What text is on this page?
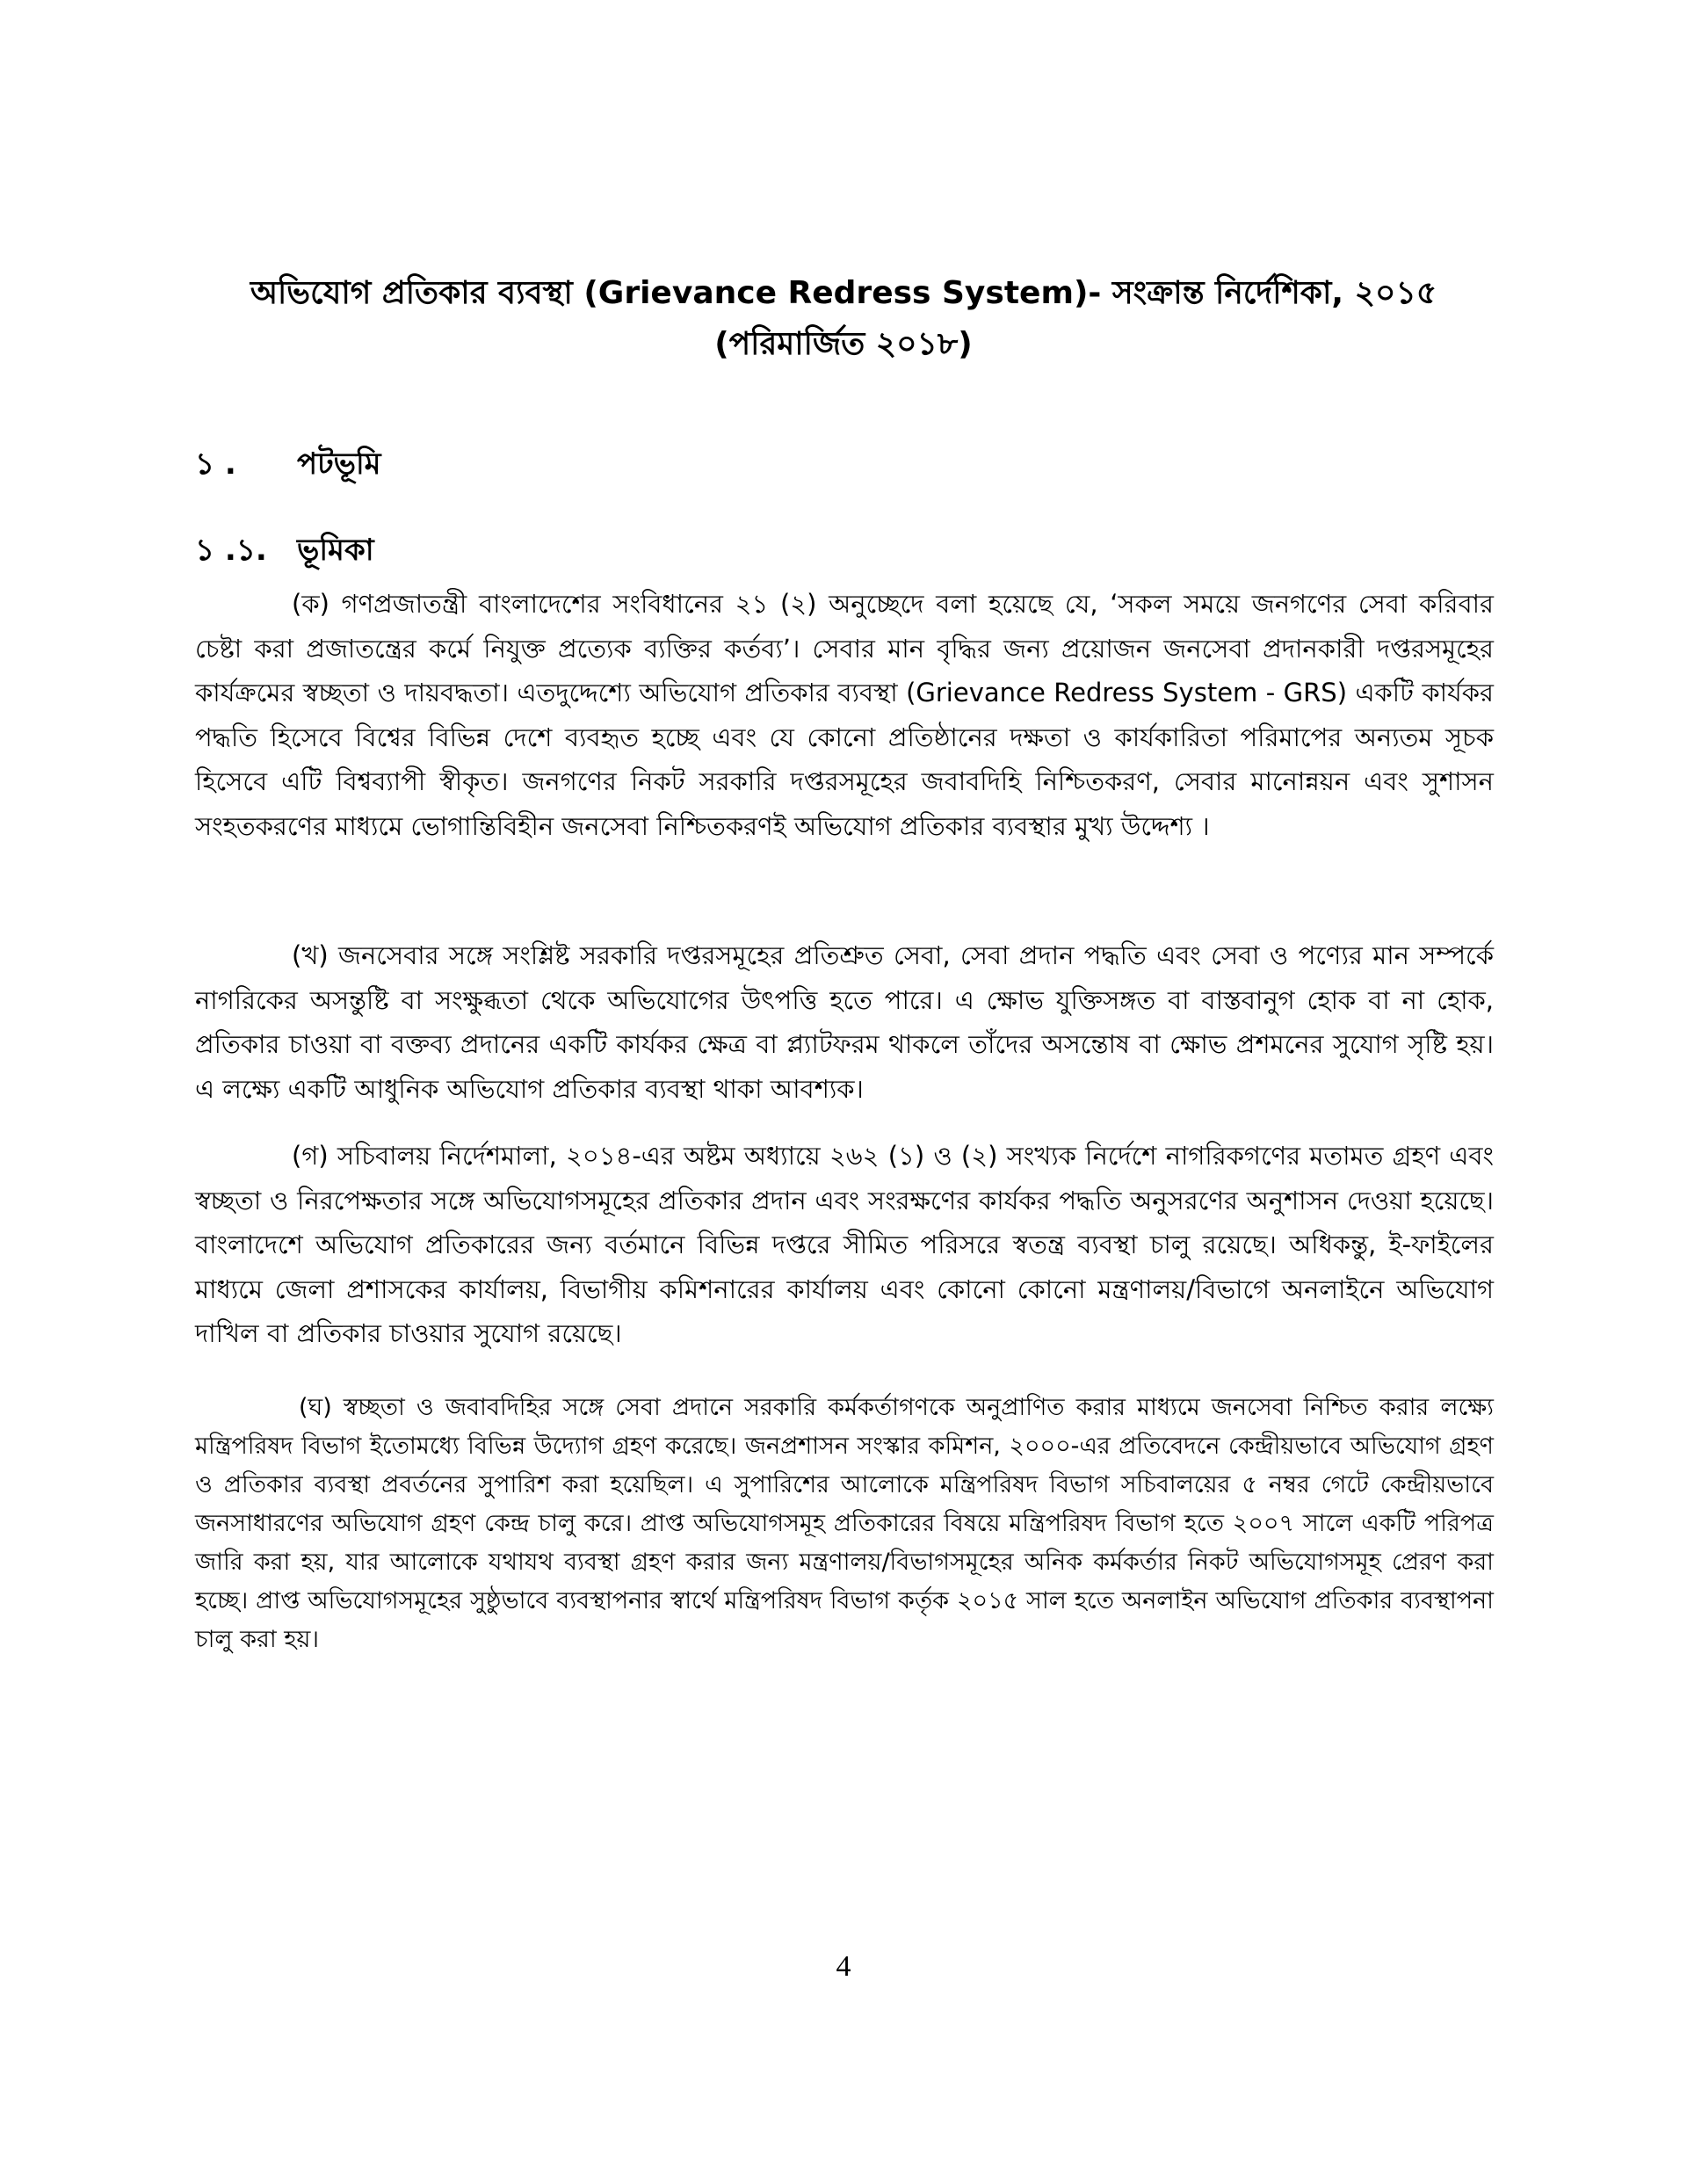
অভিযোগ প্রতিকার ব্যবস্থা (Grievance Redress System)- সংক্রান্ত নির্দেশিকা, ২০১৫
(পরিমার্জিত ২০১৮)
১ . পটভূমি
১ .১. ভূমিকা

(ক) গণপ্রজাতন্ত্রী বাংলাদেশের সংবিধানের ২১ (২) অনুচ্ছেদে বলা হয়েছে যে, ‘সকল সময়ে জনগণের সেবা করিবার চেষ্টা করা প্রজাতন্ত্রের কর্মে নিযুক্ত প্রত্যেক ব্যক্তির কর্তব্য’। সেবার মান বৃদ্ধির জন্য প্রয়োজন জনসেবা প্রদানকারী দপ্তরসমূহের কার্যক্রমের স্বচ্ছতা ও দায়বদ্ধতা। এতদুদ্দেশ্যে অভিযোগ প্রতিকার ব্যবস্থা (Grievance Redress System - GRS) একটি কার্যকর পদ্ধতি হিসেবে বিশ্বের বিভিন্ন দেশে ব্যবহৃত হচ্ছে এবং যে কোনো প্রতিষ্ঠানের দক্ষতা ও কার্যকারিতা পরিমাপের অন্যতম সূচক হিসেবে এটি বিশ্বব্যাপী স্বীকৃত। জনগণের নিকট সরকারি দপ্তরসমূহের জবাবদিহি নিশ্চিতকরণ, সেবার মানোন্নয়ন এবং সুশাসন সংহতকরণের মাধ্যমে ভোগান্তিবিহীন জনসেবা নিশ্চিতকরণই অভিযোগ প্রতিকার ব্যবস্থার মুখ্য উদ্দেশ্য ।

(খ) জনসেবার সঙ্গে সংশ্লিষ্ট সরকারি দপ্তরসমূহের প্রতিশ্রুত সেবা, সেবা প্রদান পদ্ধতি এবং সেবা ও পণ্যের মান সম্পর্কে নাগরিকের অসন্তুষ্টি বা সংক্ষুব্ধতা থেকে অভিযোগের উৎপত্তি হতে পারে। এ ক্ষোভ যুক্তিসঙ্গত বা বাস্তবানুগ হোক বা না হোক, প্রতিকার চাওয়া বা বক্তব্য প্রদানের একটি কার্যকর ক্ষেত্র বা প্ল্যাটফরম থাকলে তাঁদের অসন্তোষ বা ক্ষোভ প্রশমনের সুযোগ সৃষ্টি হয়। এ লক্ষ্যে একটি আধুনিক অভিযোগ প্রতিকার ব্যবস্থা থাকা আবশ্যক।

(গ) সচিবালয় নির্দেশমালা, ২০১৪-এর অষ্টম অধ্যায়ে ২৬২ (১) ও (২) সংখ্যক নির্দেশে নাগরিকগণের মতামত গ্রহণ এবং স্বচ্ছতা ও নিরপেক্ষতার সঙ্গে অভিযোগসমূহের প্রতিকার প্রদান এবং সংরক্ষণের কার্যকর পদ্ধতি অনুসরণের অনুশাসন দেওয়া হয়েছে। বাংলাদেশে অভিযোগ প্রতিকারের জন্য বর্তমানে বিভিন্ন দপ্তরে সীমিত পরিসরে স্বতন্ত্র ব্যবস্থা চালু রয়েছে। অধিকন্তু, ই-ফাইলের মাধ্যমে জেলা প্রশাসকের কার্যালয়, বিভাগীয় কমিশনারের কার্যালয় এবং কোনো কোনো মন্ত্রণালয়/বিভাগে অনলাইনে অভিযোগ দাখিল বা প্রতিকার চাওয়ার সুযোগ রয়েছে।

(ঘ) স্বচ্ছতা ও জবাবদিহির সঙ্গে সেবা প্রদানে সরকারি কর্মকর্তাগণকে অনুপ্রাণিত করার মাধ্যমে জনসেবা নিশ্চিত করার লক্ষ্যে মন্ত্রিপরিষদ বিভাগ ইতোমধ্যে বিভিন্ন উদ্যোগ গ্রহণ করেছে। জনপ্রশাসন সংস্কার কমিশন, ২০০০-এর প্রতিবেদনে কেন্দ্রীয়ভাবে অভিযোগ গ্রহণ ও প্রতিকার ব্যবস্থা প্রবর্তনের সুপারিশ করা হয়েছিল। এ সুপারিশের আলোকে মন্ত্রিপরিষদ বিভাগ সচিবালয়ের ৫ নম্বর গেটে কেন্দ্রীয়ভাবে জনসাধারণের অভিযোগ গ্রহণ কেন্দ্র চালু করে। প্রাপ্ত অভিযোগসমূহ প্রতিকারের বিষয়ে মন্ত্রিপরিষদ বিভাগ হতে ২০০৭ সালে একটি পরিপত্র জারি করা হয়, যার আলোকে যথাযথ ব্যবস্থা গ্রহণ করার জন্য মন্ত্রণালয়/বিভাগসমূহের অনিক কর্মকর্তার নিকট অভিযোগসমূহ প্রেরণ করা হচ্ছে। প্রাপ্ত অভিযোগসমূহের সুষ্ঠুভাবে ব্যবস্থাপনার স্বার্থে মন্ত্রিপরিষদ বিভাগ কর্তৃক ২০১৫ সাল হতে অনলাইন অভিযোগ প্রতিকার ব্যবস্থাপনা চালু করা হয়।

4
